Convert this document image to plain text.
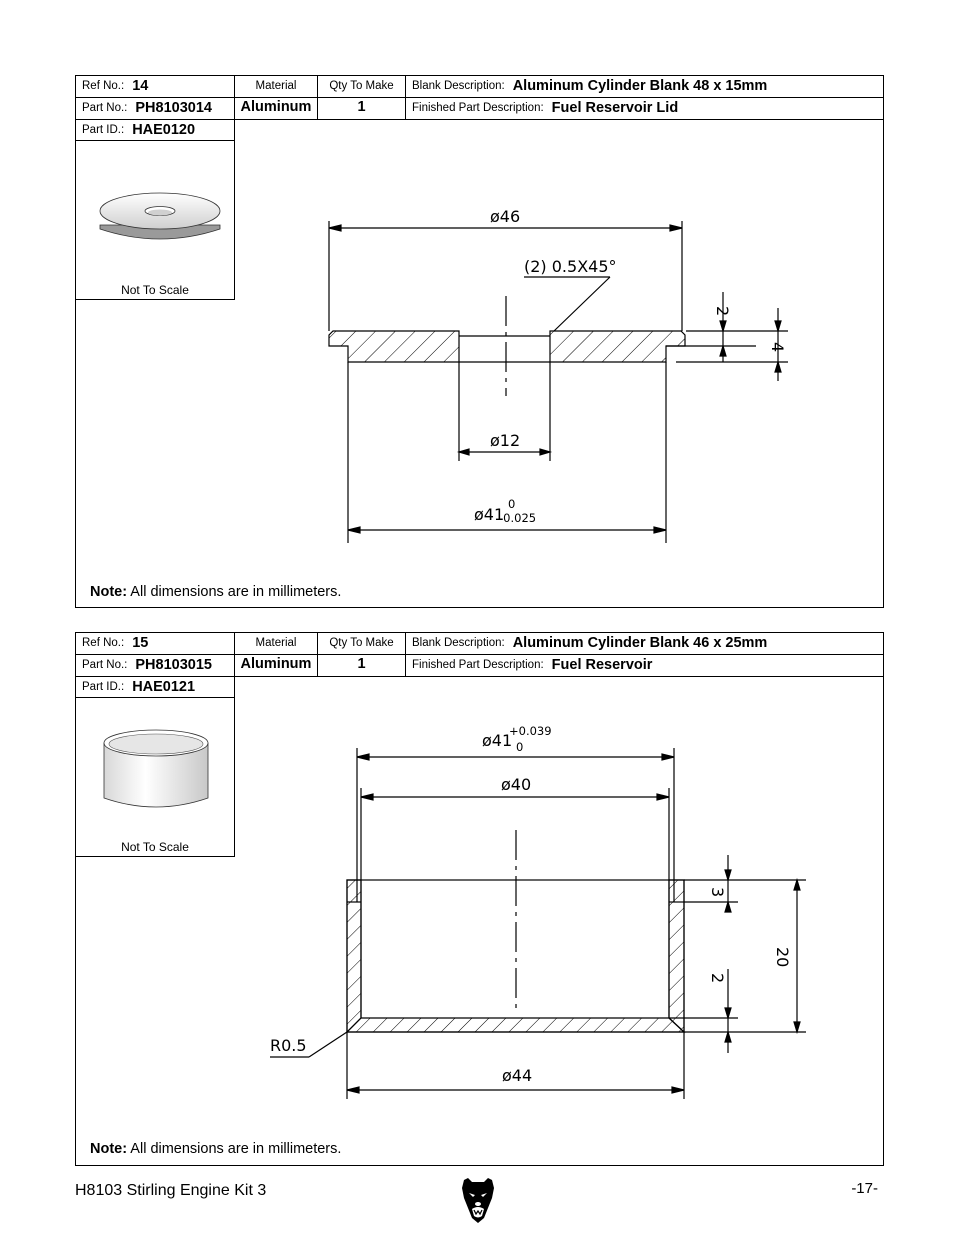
Ref No.: 14
Part No.: PH8103014
Material
Aluminum
Qty To Make
1
Blank Description: Aluminum Cylinder Blank 48 x 15mm
Finished Part Description: Fuel Reservoir Lid
Part ID.: HAE0120
Not To Scale
ø46
(2) 0.5X45°
ø12
ø41
0
-0.025
2
4
Note: All dimensions are in millimeters.
Ref No.: 15
Part No.: PH8103015
Material
Aluminum
Qty To Make
1
Blank Description: Aluminum Cylinder Blank 46 x 25mm
Finished Part Description: Fuel Reservoir
Part ID.: HAE0121
Not To Scale
ø41
+0.039
0
ø40
3
20
2
R0.5
ø44
Note: All dimensions are in millimeters.
H8103 Stirling Engine Kit 3	-17-
